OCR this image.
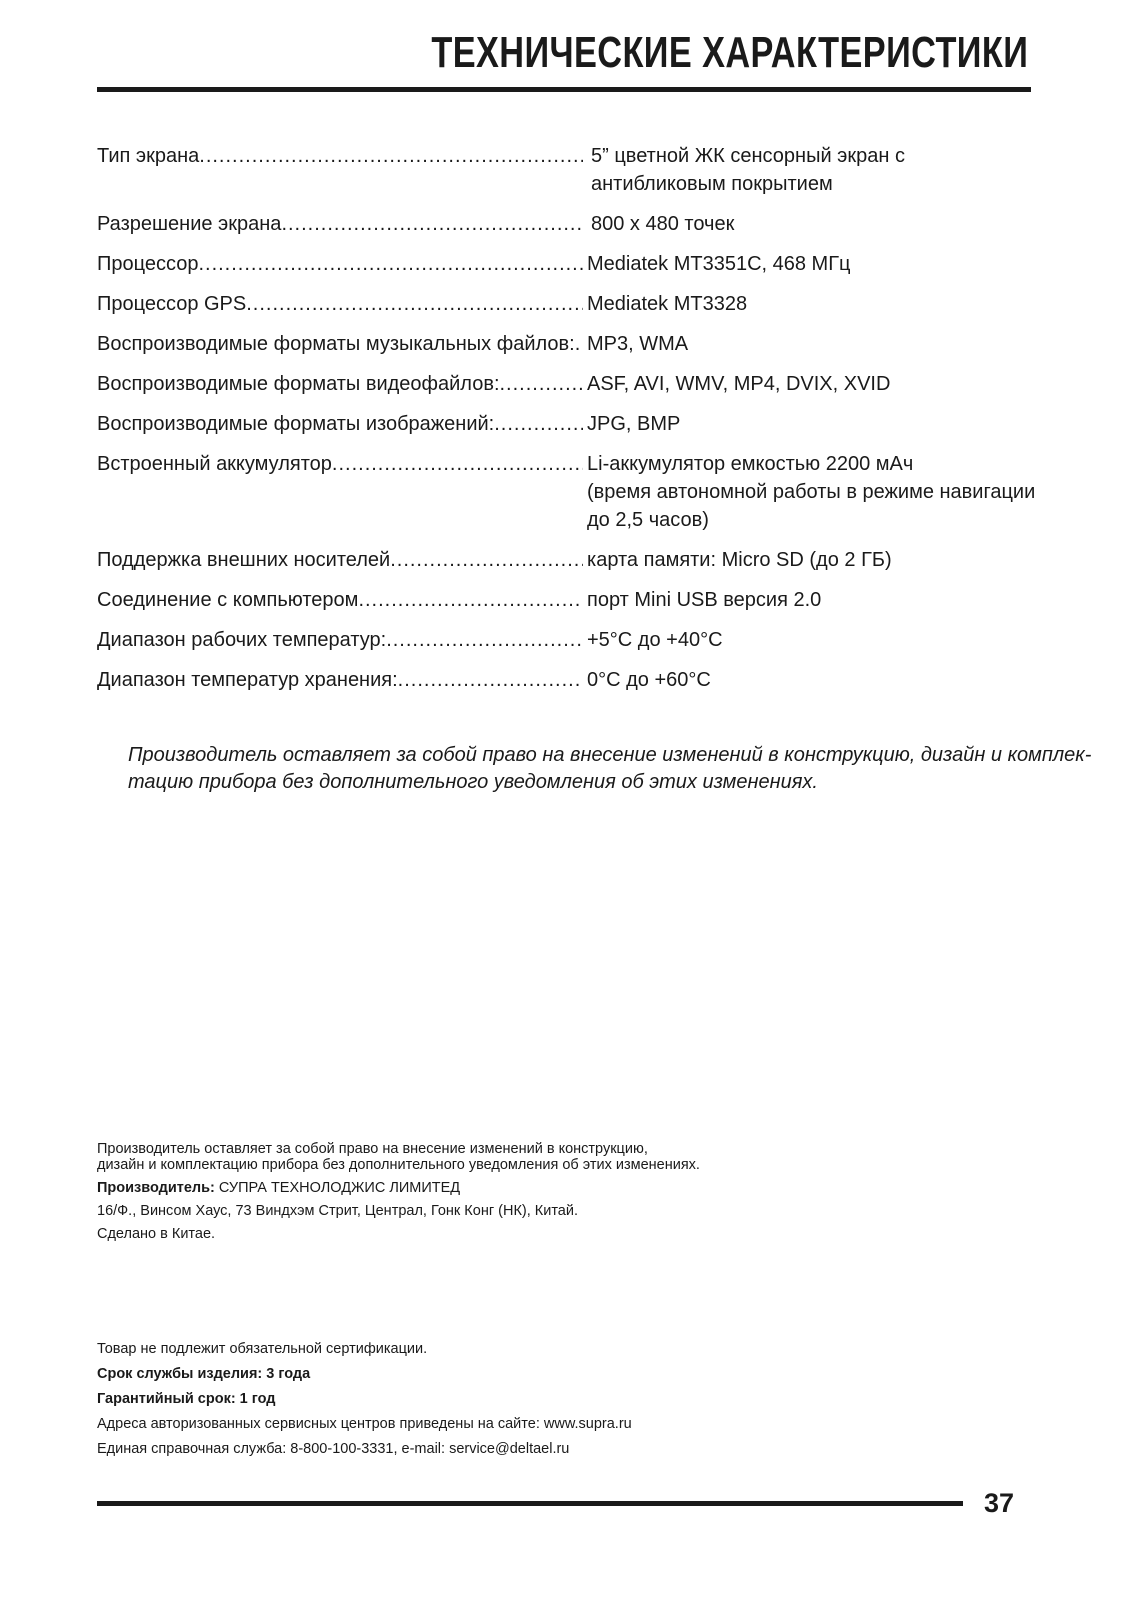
ТЕХНИЧЕСКИЕ ХАРАКТЕРИСТИКИ
Тип экрана .....	5” цветной ЖК сенсорный экран с
антибликовым покрытием
Разрешение экрана .....	800 x 480 точек
Процессор .....	Mediatek MT3351C, 468 МГц
Процессор GPS .....	Mediatek MT3328
Воспроизводимые форматы музыкальных файлов: ..... MP3, WMA
Воспроизводимые форматы видеофайлов: .....	ASF, AVI, WMV, MP4, DVIX, XVID
Воспроизводимые форматы изображений: .....	JPG, BMP
Встроенный аккумулятор .....	Li-аккумулятор емкостью 2200 мАч
(время автономной работы в режиме навигации
до 2,5 часов)
Поддержка внешних носителей .....	карта памяти: Micro SD (до 2 ГБ)
Соединение с компьютером .....	порт Mini USB версия 2.0
Диапазон рабочих температур: .....	+5°C до +40°C
Диапазон температур хранения: .....	0°C до +60°C
Производитель оставляет за собой право на внесение изменений в конструкцию, дизайн и комплек-
тацию прибора без дополнительного уведомления об этих изменениях.
Производитель оставляет за собой право на внесение изменений в конструкцию,
дизайн и комплектацию прибора без дополнительного уведомления об этих изменениях.
Производитель: СУПРА ТЕХНОЛОДЖИС ЛИМИТЕД
16/Ф., Винсом Хаус, 73 Виндхэм Стрит, Централ, Гонк Конг (НК), Китай.
Сделано в Китае.
Товар не подлежит обязательной сертификации.
Срок службы изделия: 3 года
Гарантийный срок: 1 год
Адреса авторизованных сервисных центров приведены на сайте: www.supra.ru
Единая справочная служба: 8-800-100-3331, e-mail: service@deltael.ru
37
